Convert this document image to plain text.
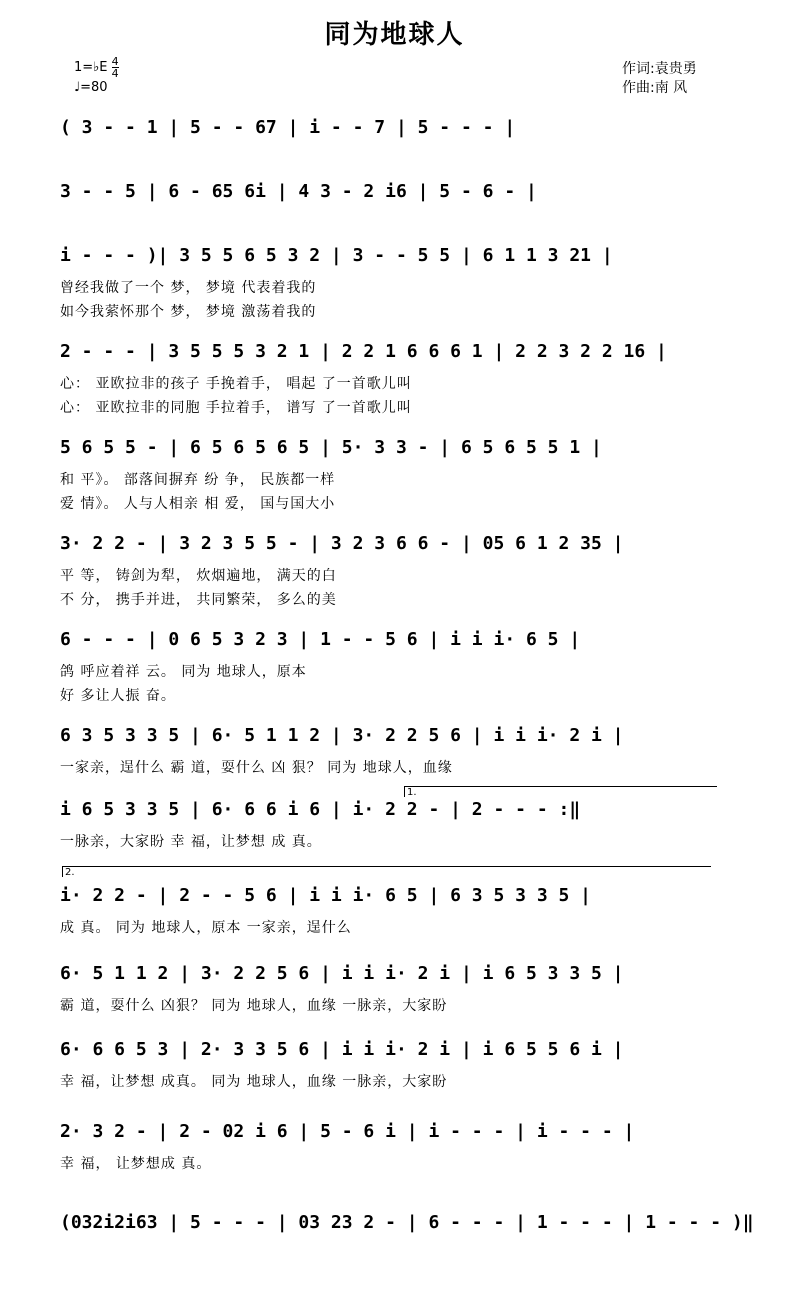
同为地球人
1=♭E $\frac{4}{4}$
♩=80
作词:袁贵勇
作曲:南 风
( 3 - - 1 | 5 - - 67 | i - - 7 | 5 - - - |
3 - - 5 | 6 - 65 6i | 4 3 - 2 i6 | 5 - 6 - |
i - - - )| 3 5 5 6 5 3 2 | 3 - - 5 5 | 6 1 1 3 21 |
曾经我做了一个 梦， 梦境 代表着我的
如今我萦怀那个 梦， 梦境 激荡着我的
2 - - - | 3 5 5 5 3 2 1 | 2 2 1 6 6 6 1 | 2 2 3 2 2 16 |
心： 亚欧拉非的孩子 手挽着手， 唱起 了一首歌儿叫
心： 亚欧拉非的同胞 手拉着手， 谱写 了一首歌儿叫
5 6 5 5 - | 6 5 6 5 6 5 | 5· 3 3 - | 6 5 6 5 5 1 |
和 平》。 部落间摒弃 纷 争， 民族都一样
爱 情》。 人与人相亲 相 爱， 国与国大小
3· 2 2 - | 3 2 3 5 5 - | 3 2 3 6 6 - | 05 6 1 2 35 |
平 等， 铸剑为犁， 炊烟遍地， 满天的白
不 分， 携手并进， 共同繁荣， 多么的美
6 - - - | 0 6 5 3 2 3 | 1 - - 5 6 | i i i· 6 5 |
鸽 呼应着祥 云。 同为 地球人，原本
好 多让人振 奋。
6 3 5 3 3 5 | 6· 5 1 1 2 | 3· 2 2 5 6 | i i i· 2 i |
一家亲，逞什么 霸 道，耍什么 凶 狠？ 同为 地球人，血缘
i 6 5 3 3 5 | 6· 6 6 i 6 | i· 2 2 - | 2 - - - :‖
一脉亲，大家盼 幸 福，让梦想 成 真。
i· 2 2 - | 2 - - 5 6 | i i i· 6 5 | 6 3 5 3 3 5 |
成 真。 同为 地球人，原本 一家亲，逞什么
6· 5 1 1 2 | 3· 2 2 5 6 | i i i· 2 i | i 6 5 3 3 5 |
霸 道，耍什么 凶狠？ 同为 地球人，血缘 一脉亲，大家盼
6· 6 6 5 3 | 2· 3 3 5 6 | i i i· 2 i | i 6 5 5 6 i |
幸 福，让梦想 成真。 同为 地球人，血缘 一脉亲，大家盼
2· 3 2 - | 2 - 02 i 6 | 5 - 6 i | i - - - | i - - - |
幸 福， 让梦想成 真。
(032i2i63 | 5 - - - | 03 23 2 - | 6 - - - | 1 - - - | 1 - - - )‖
1.
2.
